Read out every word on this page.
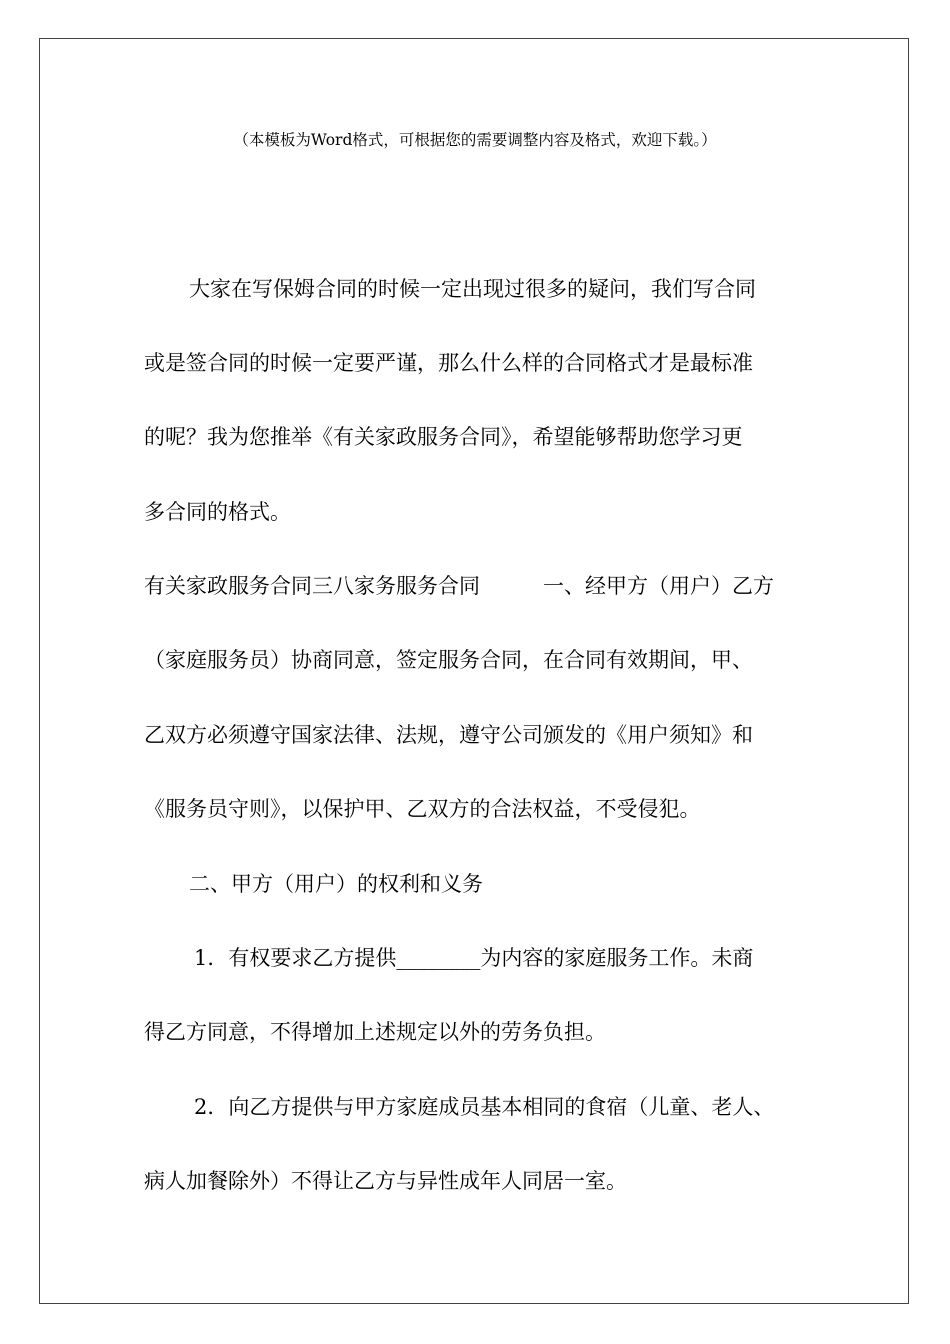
（本模板为Word格式，可根据您的需要调整内容及格式，欢迎下载。）
大家在写保姆合同的时候一定出现过很多的疑问，我们写合同
或是签合同的时候一定要严谨，那么什么样的合同格式才是最标准
的呢？我为您推举《有关家政服务合同》，希望能够帮助您学习更
多合同的格式。
有关家政服务合同三八家务服务合同　　　一、经甲方（用户）乙方
（家庭服务员）协商同意，签定服务合同，在合同有效期间，甲、
乙双方必须遵守国家法律、法规，遵守公司颁发的《用户须知》和
《服务员守则》，以保护甲、乙双方的合法权益，不受侵犯。
二、甲方（用户）的权利和义务
1．有权要求乙方提供________为内容的家庭服务工作。未商
得乙方同意，不得增加上述规定以外的劳务负担。
2．向乙方提供与甲方家庭成员基本相同的食宿（儿童、老人、
病人加餐除外）不得让乙方与异性成年人同居一室。
